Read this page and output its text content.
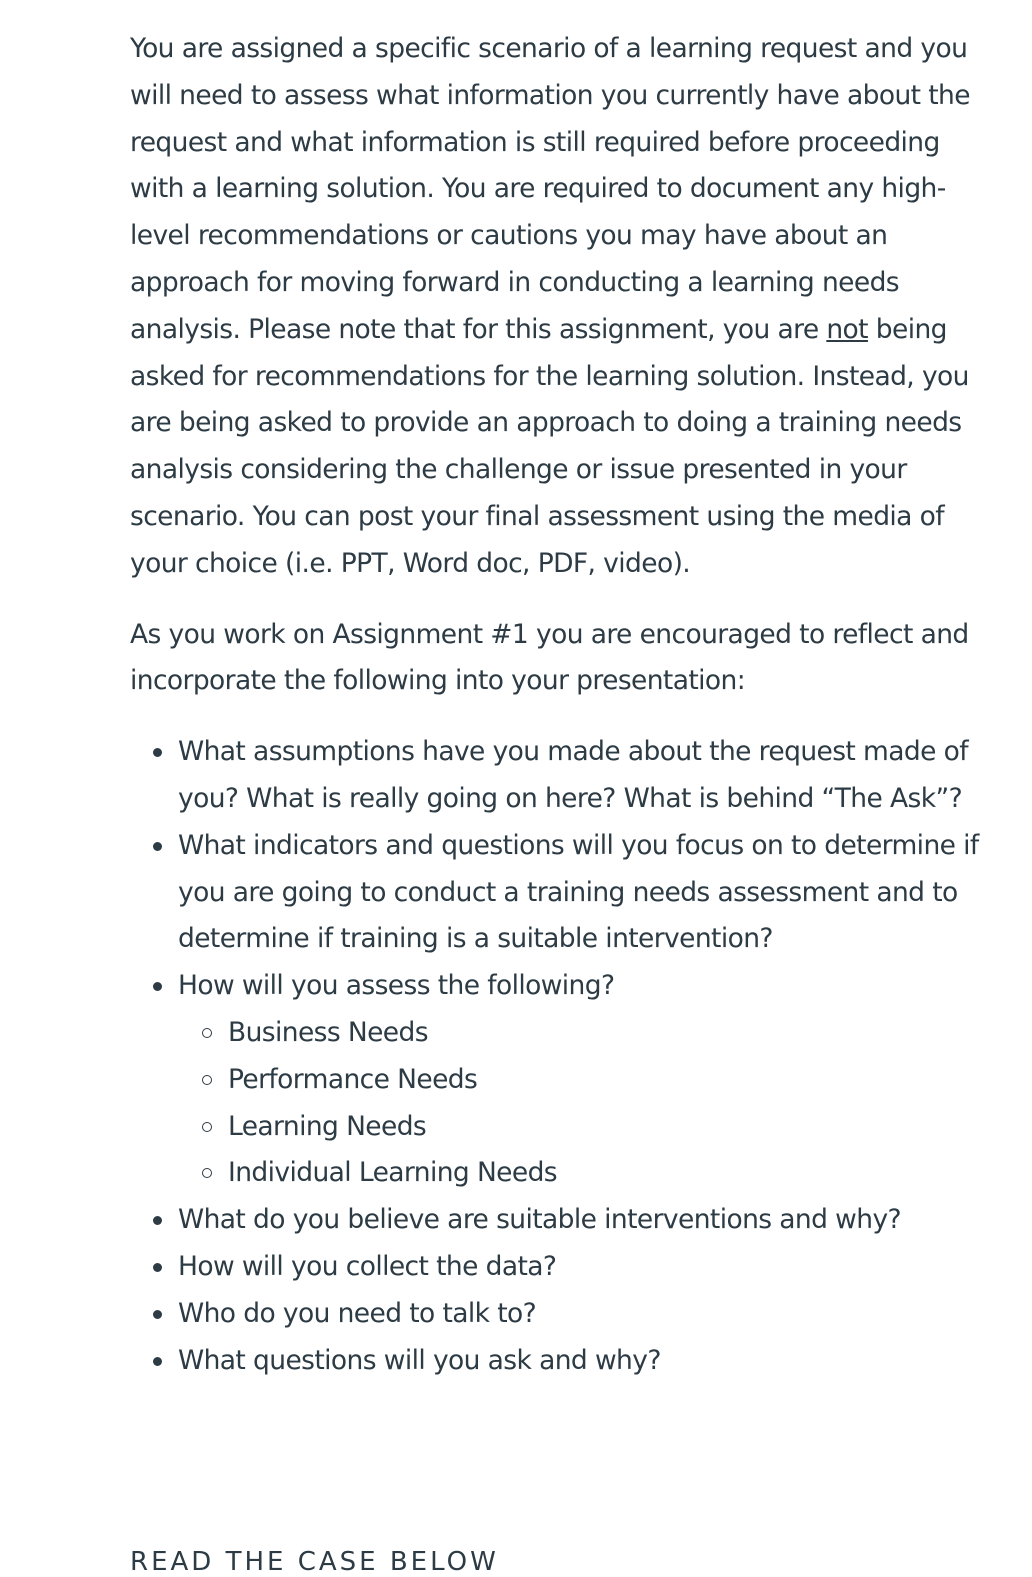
You are assigned a specific scenario of a learning request and you will need to assess what information you currently have about the request and what information is still required before proceeding with a learning solution. You are required to document any high-level recommendations or cautions you may have about an approach for moving forward in conducting a learning needs analysis. Please note that for this assignment, you are not being asked for recommendations for the learning solution. Instead, you are being asked to provide an approach to doing a training needs analysis considering the challenge or issue presented in your scenario. You can post your final assessment using the media of your choice (i.e. PPT, Word doc, PDF, video).

As you work on Assignment #1 you are encouraged to reflect and incorporate the following into your presentation:

What assumptions have you made about the request made of you? What is really going on here? What is behind “The Ask”?
What indicators and questions will you focus on to determine if you are going to conduct a training needs assessment and to determine if training is a suitable intervention?
How will you assess the following?
Business Needs
Performance Needs
Learning Needs
Individual Learning Needs
What do you believe are suitable interventions and why?
How will you collect the data?
Who do you need to talk to?
What questions will you ask and why?
READ THE CASE BELOW
